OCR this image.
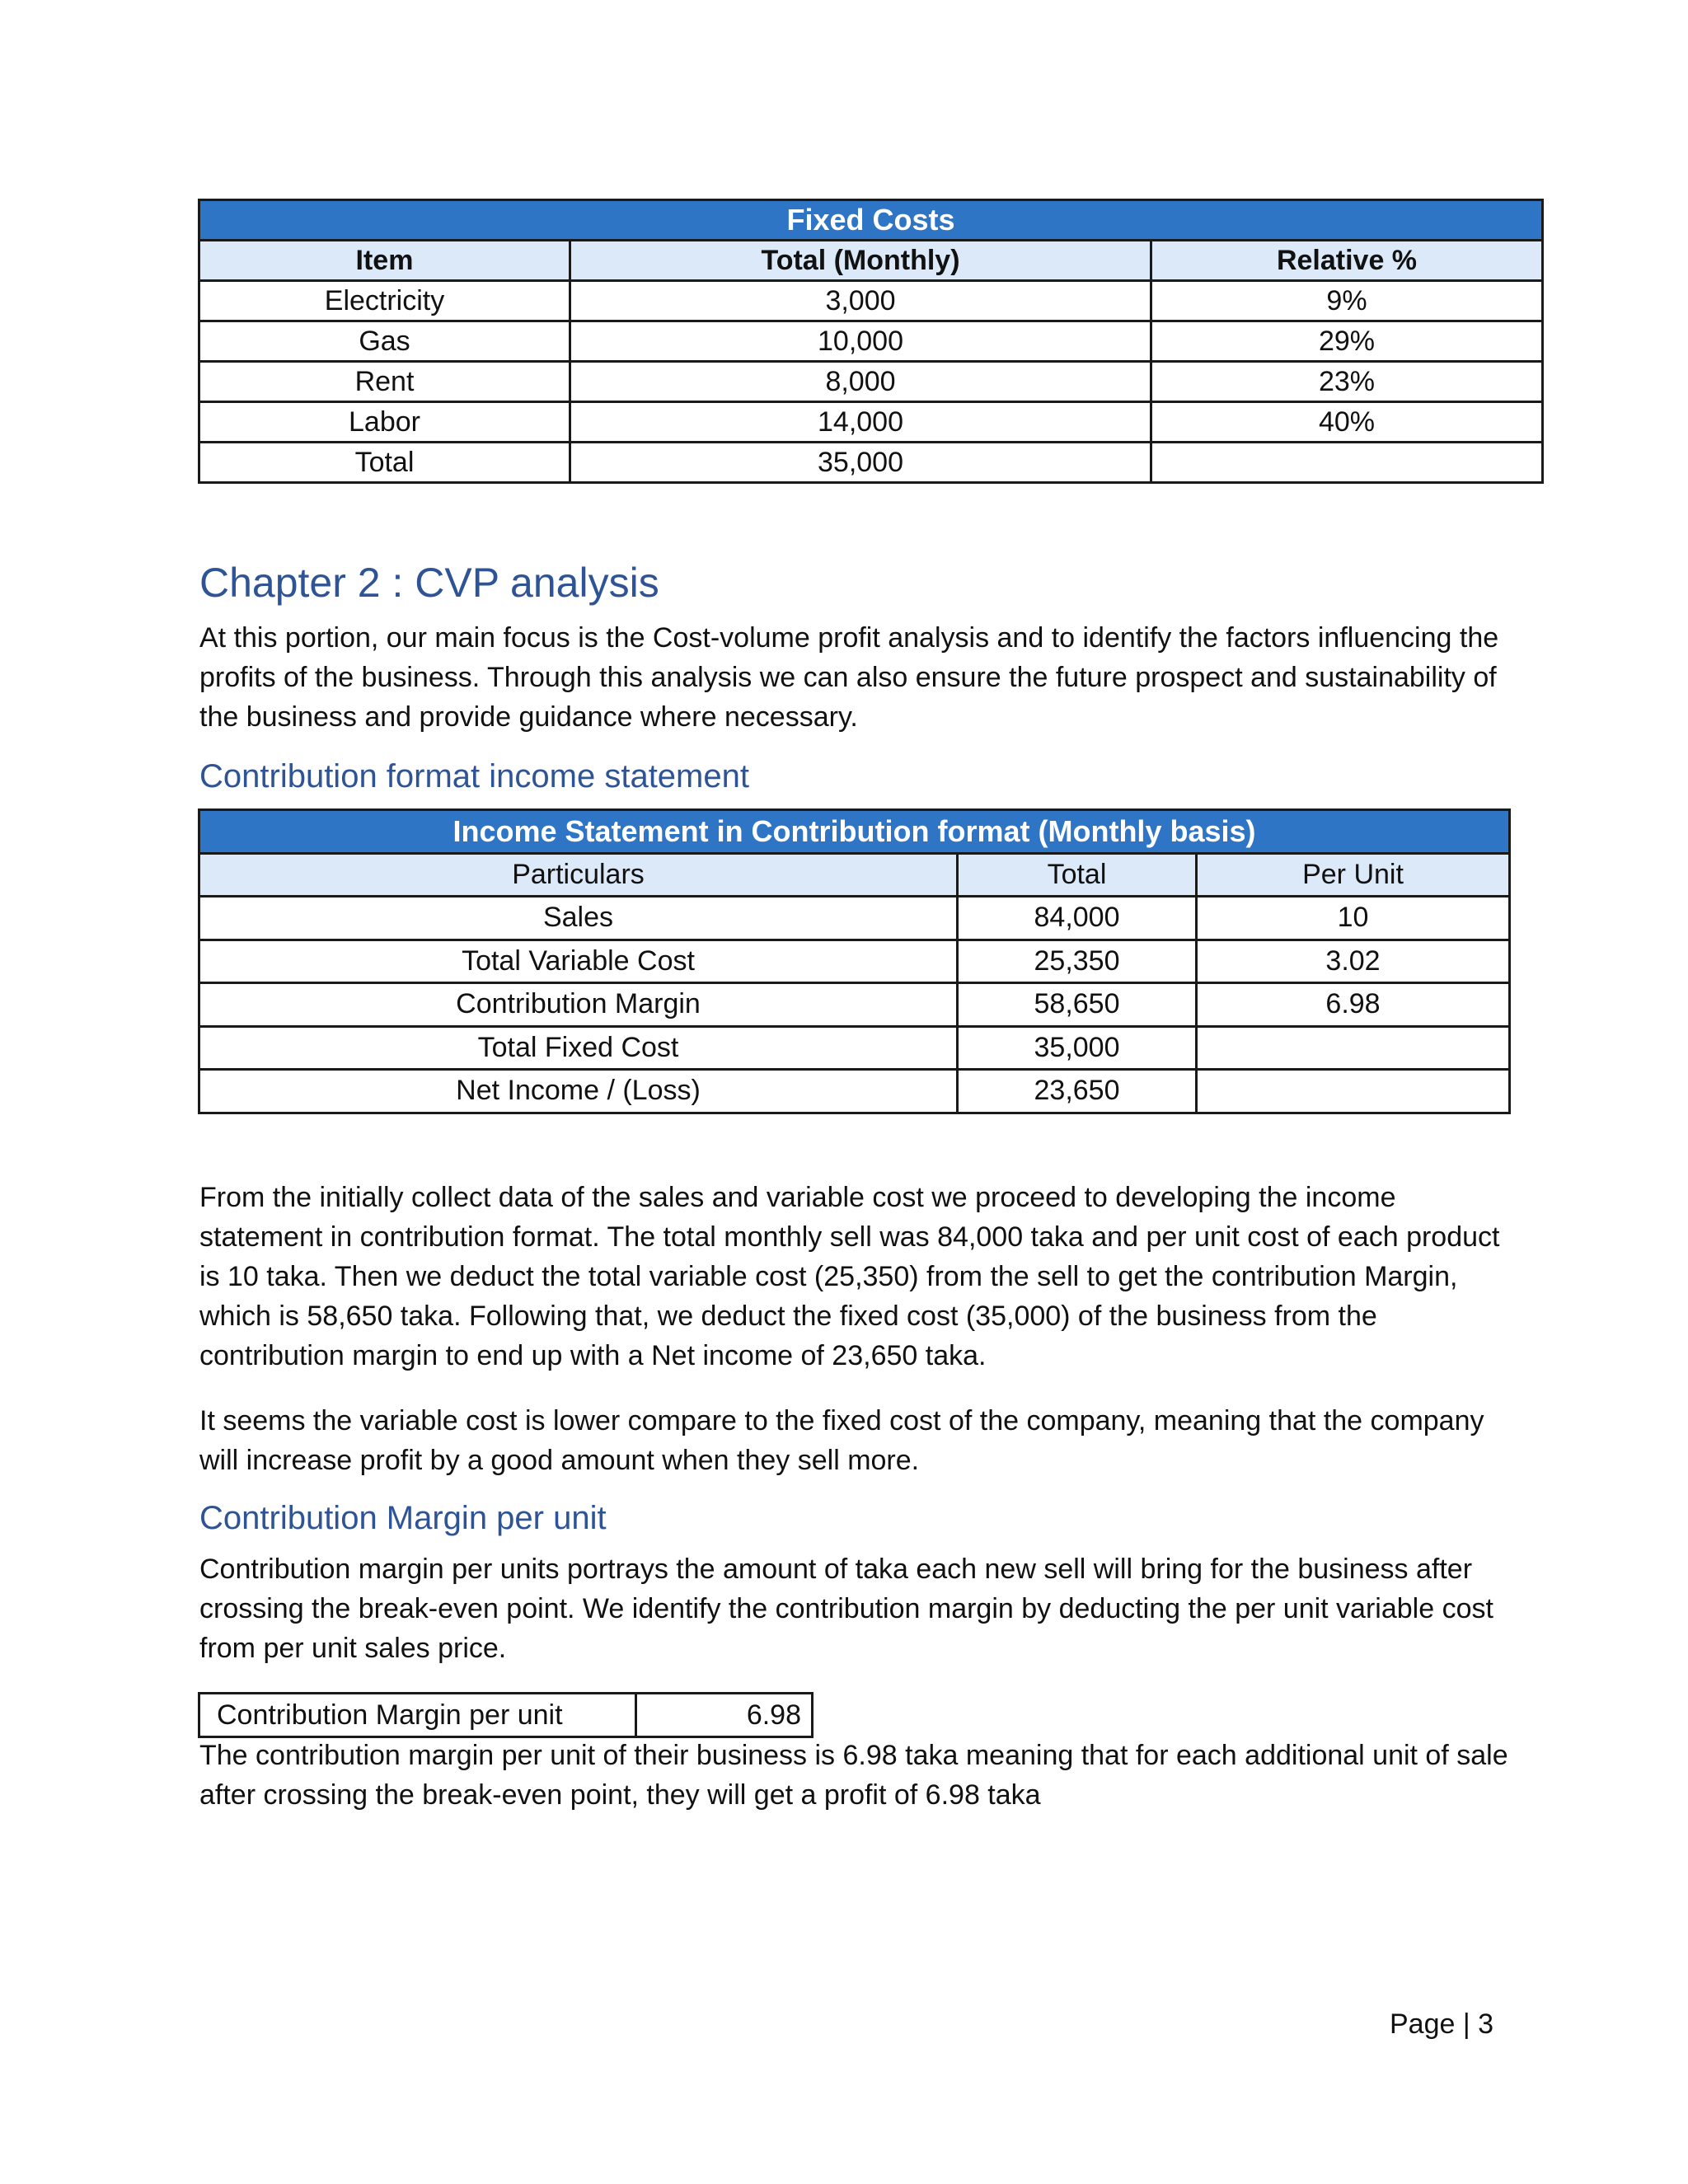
Fixed Costs		
Item	Total (Monthly)	Relative %
Electricity	3,000	9%
Gas	10,000	29%
Rent	8,000	23%
Labor	14,000	40%
Total	35,000	
Chapter 2 : CVP analysis

At this portion, our main focus is the Cost-volume profit analysis and to identify the factors influencing the profits of the business. Through this analysis we can also ensure the future prospect and sustainability of the business and provide guidance where necessary.

Contribution format income statement
Income Statement in Contribution format (Monthly basis)		
Particulars	Total	Per Unit
Sales	84,000	10
Total Variable Cost	25,350	3.02
Contribution Margin	58,650	6.98
Total Fixed Cost	35,000	
Net Income / (Loss)	23,650	

From the initially collect data of the sales and variable cost we proceed to developing the income statement in contribution format. The total monthly sell was 84,000 taka and per unit cost of each product is 10 taka. Then we deduct the total variable cost (25,350) from the sell to get the contribution Margin, which is 58,650 taka. Following that, we deduct the fixed cost (35,000) of the business from the contribution margin to end up with a Net income of 23,650 taka.

It seems the variable cost is lower compare to the fixed cost of the company, meaning that the company will increase profit by a good amount when they sell more.

Contribution Margin per unit

Contribution margin per units portrays the amount of taka each new sell will bring for the business after crossing the break-even point. We identify the contribution margin by deducting the per unit variable cost from per unit sales price.

Contribution Margin per unit	6.98

The contribution margin per unit of their business is 6.98 taka meaning that for each additional unit of sale after crossing the break-even point, they will get a profit of 6.98 taka

Page | 3
